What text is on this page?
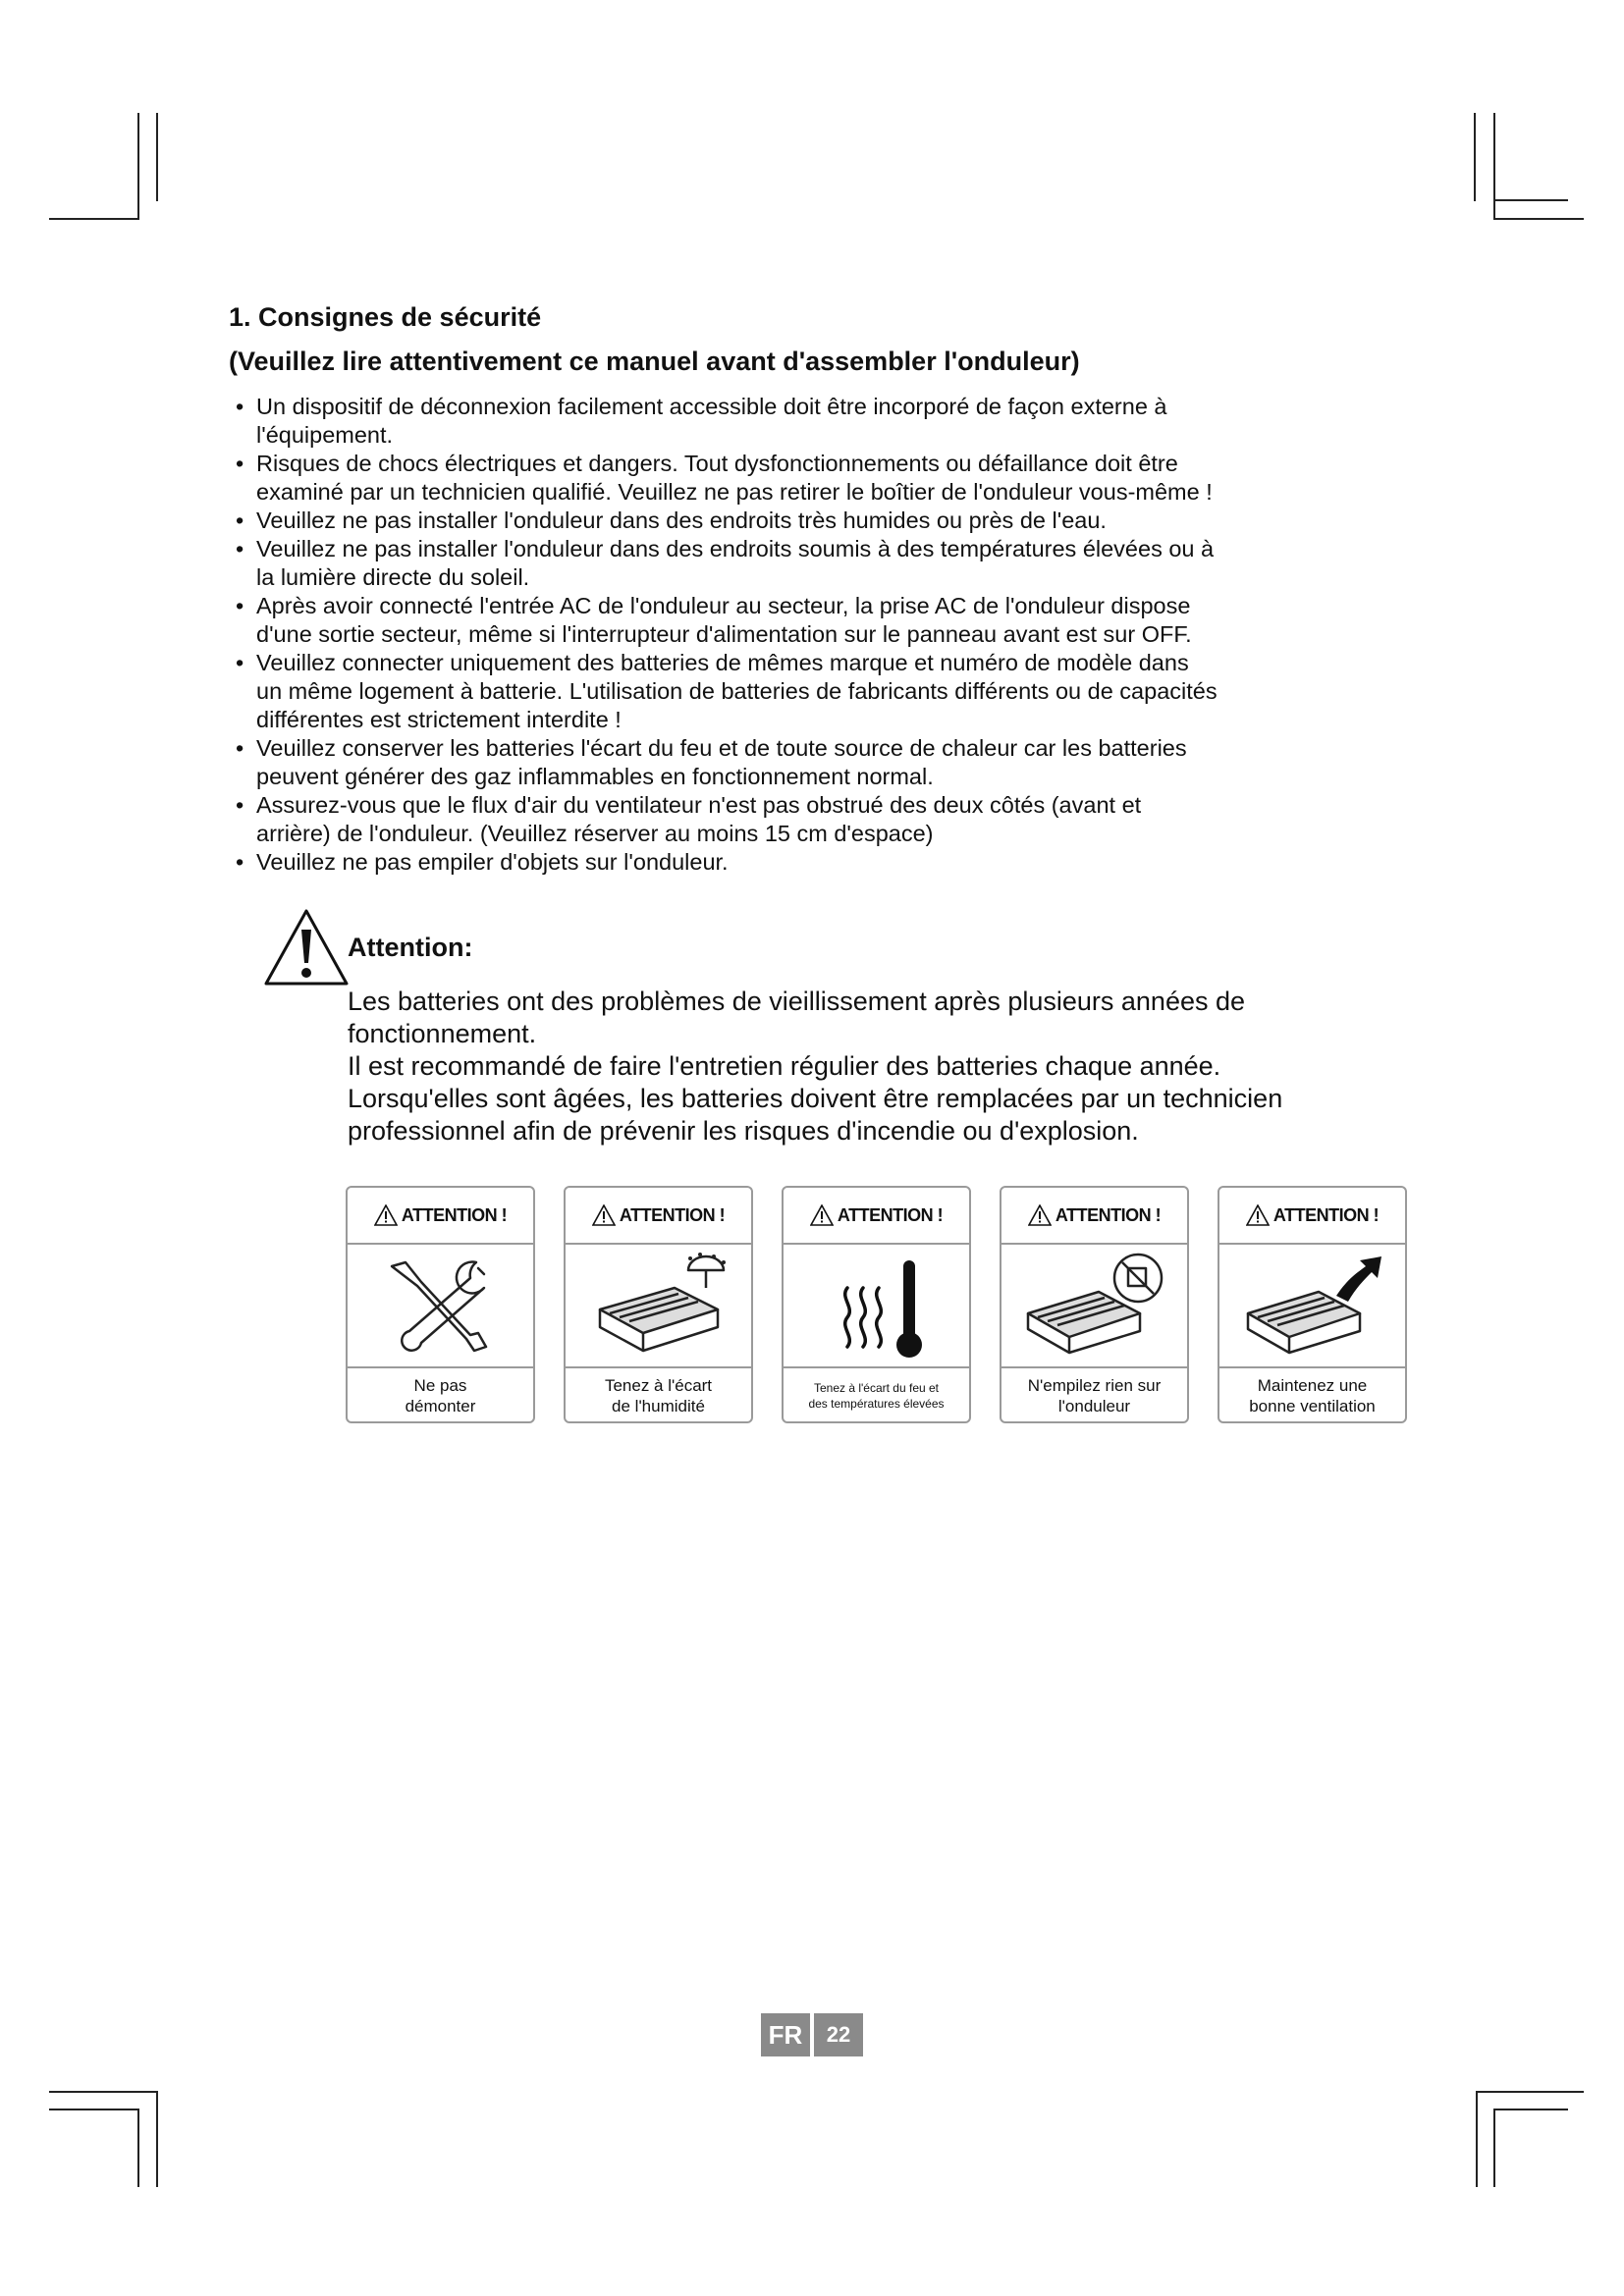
1. Consignes de sécurité
(Veuillez lire attentivement ce manuel avant d'assembler l'onduleur)
• Un dispositif de déconnexion facilement accessible doit être incorporé de façon externe à
l'équipement.
• Risques de chocs électriques et dangers. Tout dysfonctionnements ou défaillance doit être
examiné par un technicien qualifié. Veuillez ne pas retirer le boîtier de l'onduleur vous-même !
• Veuillez ne pas installer l'onduleur dans des endroits très humides ou près de l'eau.
• Veuillez ne pas installer l'onduleur dans des endroits soumis à des températures élevées ou à
la lumière directe du soleil.
• Après avoir connecté l'entrée AC de l'onduleur au secteur, la prise AC de l'onduleur dispose
d'une sortie secteur, même si l'interrupteur d'alimentation sur le panneau avant est sur OFF.
• Veuillez connecter uniquement des batteries de mêmes marque et numéro de modèle dans
un même logement à batterie. L'utilisation de batteries de fabricants différents ou de capacités
différentes est strictement interdite !
• Veuillez conserver les batteries l'écart du feu et de toute source de chaleur car les batteries
peuvent générer des gaz inflammables en fonctionnement normal.
• Assurez-vous que le flux d'air du ventilateur n'est pas obstrué des deux côtés (avant et
arrière) de l'onduleur. (Veuillez réserver au moins 15 cm d'espace)
• Veuillez ne pas empiler d'objets sur l'onduleur.
Attention:

Les batteries ont des problèmes de vieillissement après plusieurs années de

fonctionnement.

Il est recommandé de faire l'entretien régulier des batteries chaque année.

Lorsqu'elles sont âgées, les batteries doivent être remplacées par un technicien

professionnel afin de prévenir les risques d'incendie ou d'explosion.

ATTENTION !
Ne pas
démonter
ATTENTION !
Tenez à l'écart
de l'humidité
ATTENTION !
Tenez à l'écart du feu et
des températures élevées
ATTENTION !
N'empilez rien sur
l'onduleur
ATTENTION !
Maintenez une
bonne ventilation
FR	22
